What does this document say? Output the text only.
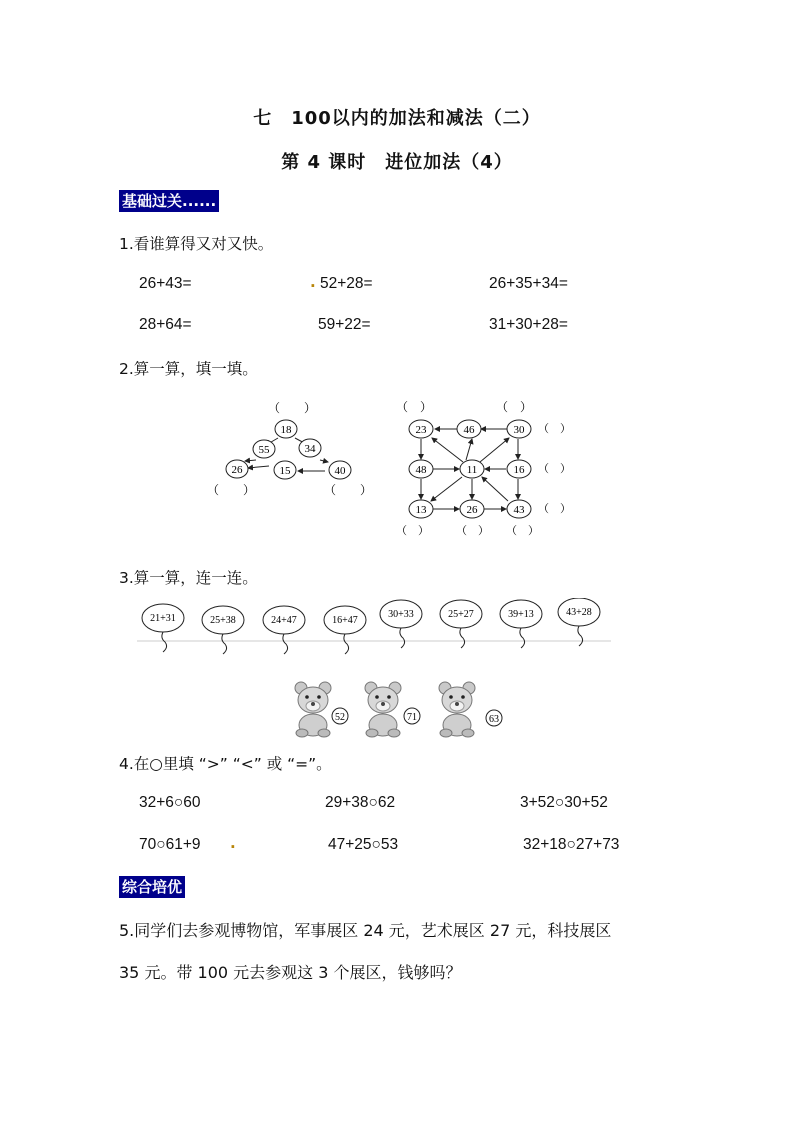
七　100以内的加法和减法（二）
第 4 课时　进位加法（4）
基础过关......
1.看谁算得又对又快。
26+43=	. 52+28=	26+35+34=
28+64=	59+22=	31+30+28=
2.算一算，填一填。
（　　）
18
55	34
26	15	40
（　　）	（　　）
（　）	（　）
23	46	30
48	11	16
13	26	43
（　）
（　）
（　）
（　） （　） （　）
3.算一算，连一连。
21+31	25+38	24+47	16+47
30+33	25+27	39+13	43+28
52	71	63
4.在○里填 “>” “<” 或 “=”。
32+6○60	29+38○62	3+52○30+52
70○61+9 .	47+25○53	32+18○27+73
综合培优
5.同学们去参观博物馆，军事展区 24 元，艺术展区 27 元，科技展区
35 元。带 100 元去参观这 3 个展区，钱够吗？
